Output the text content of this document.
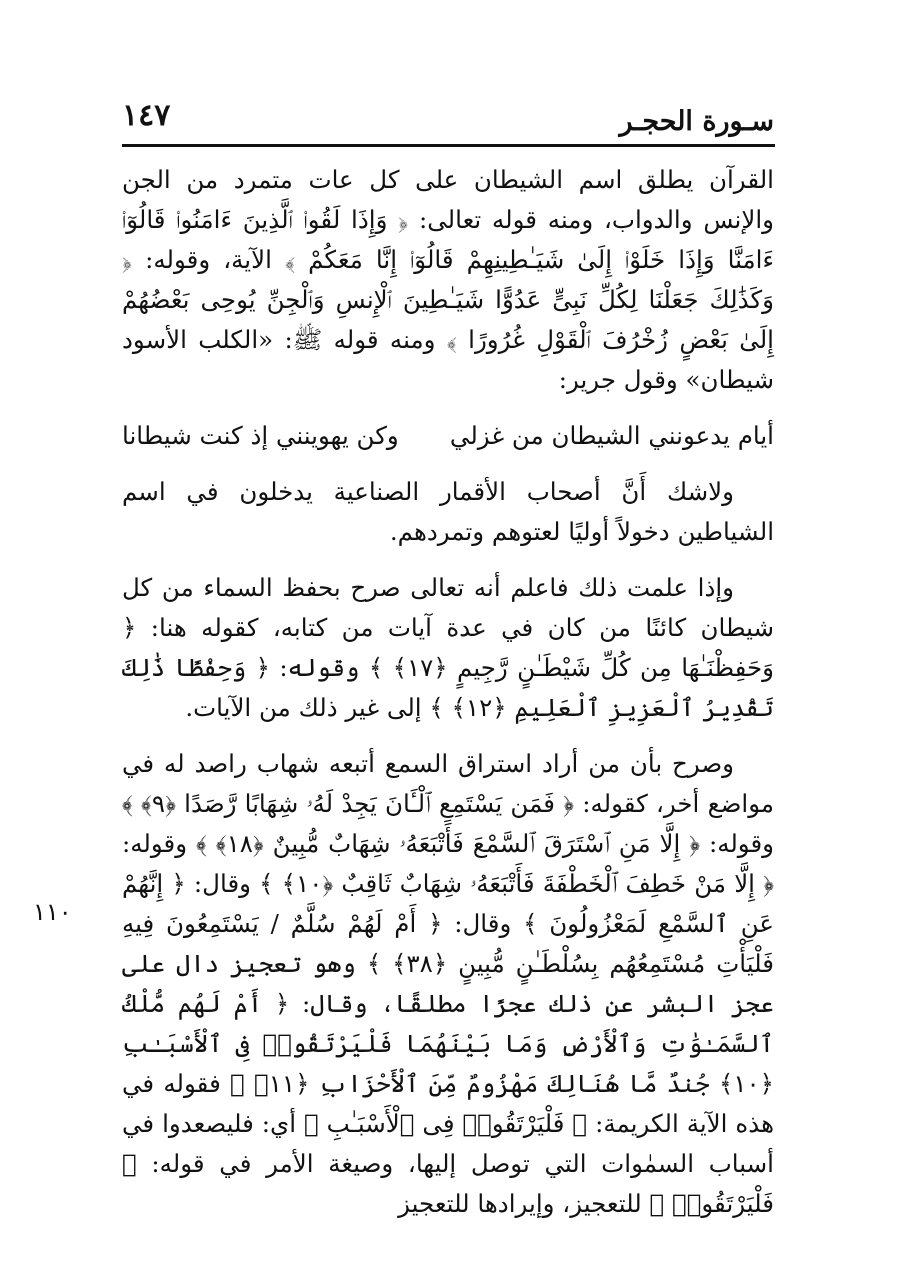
سـورة الحجـر
١٤٧

القرآن يطلق اسم الشيطان على كل عات متمرد من الجن والإنس والدواب، ومنه قوله تعالى: ﴿ وَإِذَا لَقُوا۟ ٱلَّذِينَ ءَامَنُوا۟ قَالُوٓا۟ ءَامَنَّا وَإِذَا خَلَوْا۟ إِلَىٰ شَيَـٰطِينِهِمْ قَالُوٓا۟ إِنَّا مَعَكُمْ ﴾ الآية، وقوله: ﴿ وَكَذَٰلِكَ جَعَلْنَا لِكُلِّ نَبِىٍّ عَدُوًّا شَيَـٰطِينَ ٱلْإِنسِ وَٱلْجِنِّ يُوحِى بَعْضُهُمْ إِلَىٰ بَعْضٍ زُخْرُفَ ٱلْقَوْلِ غُرُورًا ﴾ ومنه قوله ﷺ: «الكلب الأسود شيطان» وقول جرير:

أيام يدعونني الشيطان من غزلي
وكن يهوينني إذ كنت شيطانا

ولاشك أَنَّ أصحاب الأقمار الصناعية يدخلون في اسم الشياطين دخولاً أوليًا لعتوهم وتمردهم.

وإذا علمت ذلك فاعلم أنه تعالى صرح بحفظ السماء من كل شيطان كائنًا من كان في عدة آيات من كتابه، كقوله هنا: ﴿ وَحَفِظْنَـٰهَا مِن كُلِّ شَيْطَـٰنٍ رَّجِيمٍ ﴿١٧﴾ ﴾ وقوله: ﴿ وَحِفْظًا ذَٰلِكَ تَقْدِيرُ ٱلْعَزِيزِ ٱلْعَلِيمِ ﴿١٢﴾ ﴾ إلى غير ذلك من الآيات.

وصرح بأن من أراد استراق السمع أتبعه شهاب راصد له في مواضع أخر، كقوله: ﴿ فَمَن يَسْتَمِعِ ٱلْـَٔانَ يَجِدْ لَهُۥ شِهَابًا رَّصَدًا ﴿٩﴾ ﴾ وقوله: ﴿ إِلَّا مَنِ ٱسْتَرَقَ ٱلسَّمْعَ فَأَتْبَعَهُۥ شِهَابٌ مُّبِينٌ ﴿١٨﴾ ﴾ وقوله: ﴿ إِلَّا مَنْ خَطِفَ ٱلْخَطْفَةَ فَأَتْبَعَهُۥ شِهَابٌ ثَاقِبٌ ﴿١٠﴾ ﴾ وقال: ﴿ إِنَّهُمْ عَنِ ٱلسَّمْعِ لَمَعْزُولُونَ ﴾ وقال: ﴿ أَمْ لَهُمْ سُلَّمٌ / يَسْتَمِعُونَ فِيهِ فَلْيَأْتِ مُسْتَمِعُهُم بِسُلْطَـٰنٍ مُّبِينٍ ﴿٣٨﴾ ﴾ وهو تعجيز دال على عجز البشر عن ذلك عجزًا مطلقًا، وقال: ﴿ أَمْ لَهُم مُّلْكُ ٱلسَّمَـٰوَٰتِ وَٱلْأَرْضِ وَمَا بَيْنَهُمَا فَلْيَرْتَقُوا۟ فِى ٱلْأَسْبَـٰبِ ﴿١٠﴾ جُندٌ مَّا هُنَالِكَ مَهْزُومٌ مِّنَ ٱلْأَحْزَابِ ﴿١١﴾ ﴾ فقوله في هذه الآية الكريمة: ﴿ فَلْيَرْتَقُوا۟ فِى ٱلْأَسْبَـٰبِ ﴾ أي: فليصعدوا في أسباب السمٰوات التي توصل إليها، وصيغة الأمر في قوله: ﴿ فَلْيَرْتَقُوا۟ ﴾ للتعجيز، وإيرادها للتعجيز

١١٠
